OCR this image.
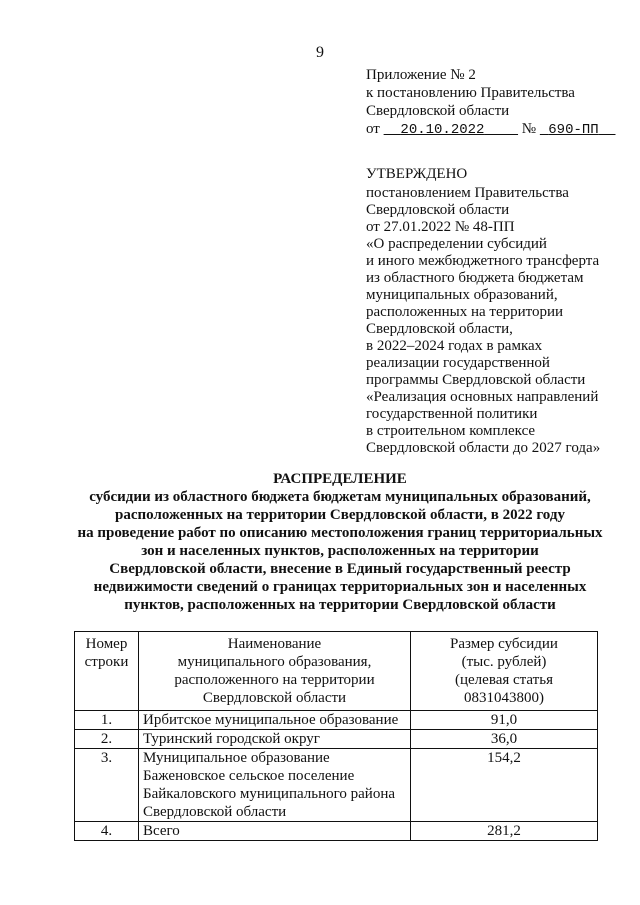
9
Приложение № 2
к постановлению Правительства
Свердловской области
от 20.10.2022 № 690-ПП
УТВЕРЖДЕНО
постановлением Правительства
Свердловской области
от 27.01.2022 № 48-ПП
«О распределении субсидий
и иного межбюджетного трансферта
из областного бюджета бюджетам
муниципальных образований,
расположенных на территории
Свердловской области,
в 2022–2024 годах в рамках
реализации государственной
программы Свердловской области
«Реализация основных направлений
государственной политики
в строительном комплексе
Свердловской области до 2027 года»
РАСПРЕДЕЛЕНИЕ
субсидии из областного бюджета бюджетам муниципальных образований,
расположенных на территории Свердловской области, в 2022 году
на проведение работ по описанию местоположения границ территориальных
зон и населенных пунктов, расположенных на территории
Свердловской области, внесение в Единый государственный реестр
недвижимости сведений о границах территориальных зон и населенных
пунктов, расположенных на территории Свердловской области
Номер
строки	Наименование
муниципального образования,
расположенного на территории
Свердловской области	Размер субсидии
(тыс. рублей)
(целевая статья
0831043800)

1.	Ирбитское муниципальное образование	91,0
2.	Туринский городской округ	36,0
3.	Муниципальное образование
Баженовское сельское поселение
Байкаловского муниципального района
Свердловской области	154,2
4.	Всего	281,2
